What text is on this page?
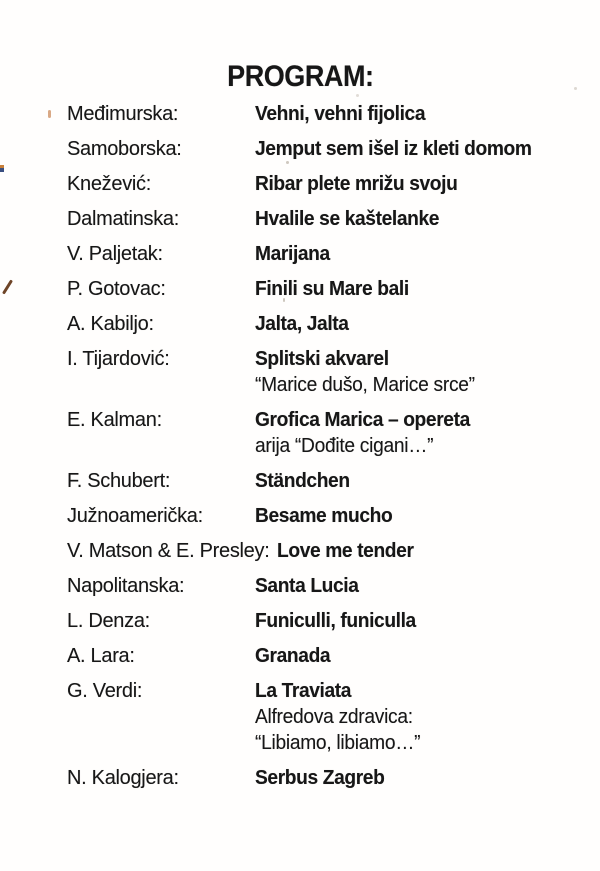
PROGRAM:
Međimurska:	Vehni, vehni fijolica
Samoborska:	Jemput sem išel iz kleti domom
Knežević:	Ribar plete mrižu svoju
Dalmatinska:	Hvalile se kaštelanke
V. Paljetak:	Marijana
P. Gotovac:	Finili su Mare bali
A. Kabiljo:	Jalta, Jalta
I. Tijardović:	Splitski akvarel
“Marice dušo, Marice srce”
E. Kalman:	Grofica Marica – opereta
arija “Dođite cigani…”
F. Schubert:	Ständchen
Južnoamerička:	Besame mucho
V. Matson & E. Presley: Love me tender
Napolitanska:	Santa Lucia
L. Denza:	Funiculli, funiculla
A. Lara:	Granada
G. Verdi:	La Traviata
Alfredova zdravica:
“Libiamo, libiamo…”
N. Kalogjera:	Serbus Zagreb
